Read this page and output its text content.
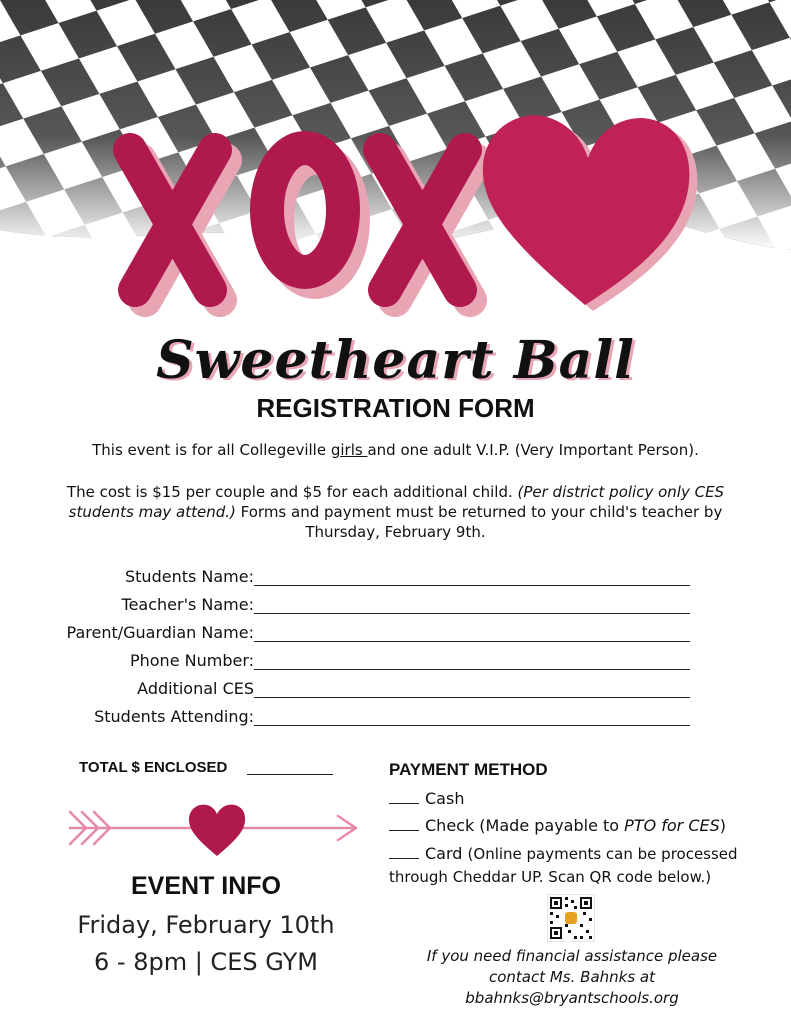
Sweetheart Ball
REGISTRATION FORM
This event is for all Collegeville girls and one adult V.I.P. (Very Important Person).
The cost is $15 per couple and $5 for each additional child. (Per district policy only CES students may attend.) Forms and payment must be returned to your child's teacher by Thursday, February 9th.
Students Name:
Teacher's Name:
Parent/Guardian Name:
Phone Number:
Additional CES
Students Attending:
TOTAL $ ENCLOSED
EVENT INFO
Friday, February 10th
6 - 8pm | CES GYM
PAYMENT METHOD
Cash
Check (Made payable to PTO for CES)
Card (Online payments can be processed
through Cheddar UP. Scan QR code below.)
If you need financial assistance please
contact Ms. Bahnks at
bbahnks@bryantschools.org
